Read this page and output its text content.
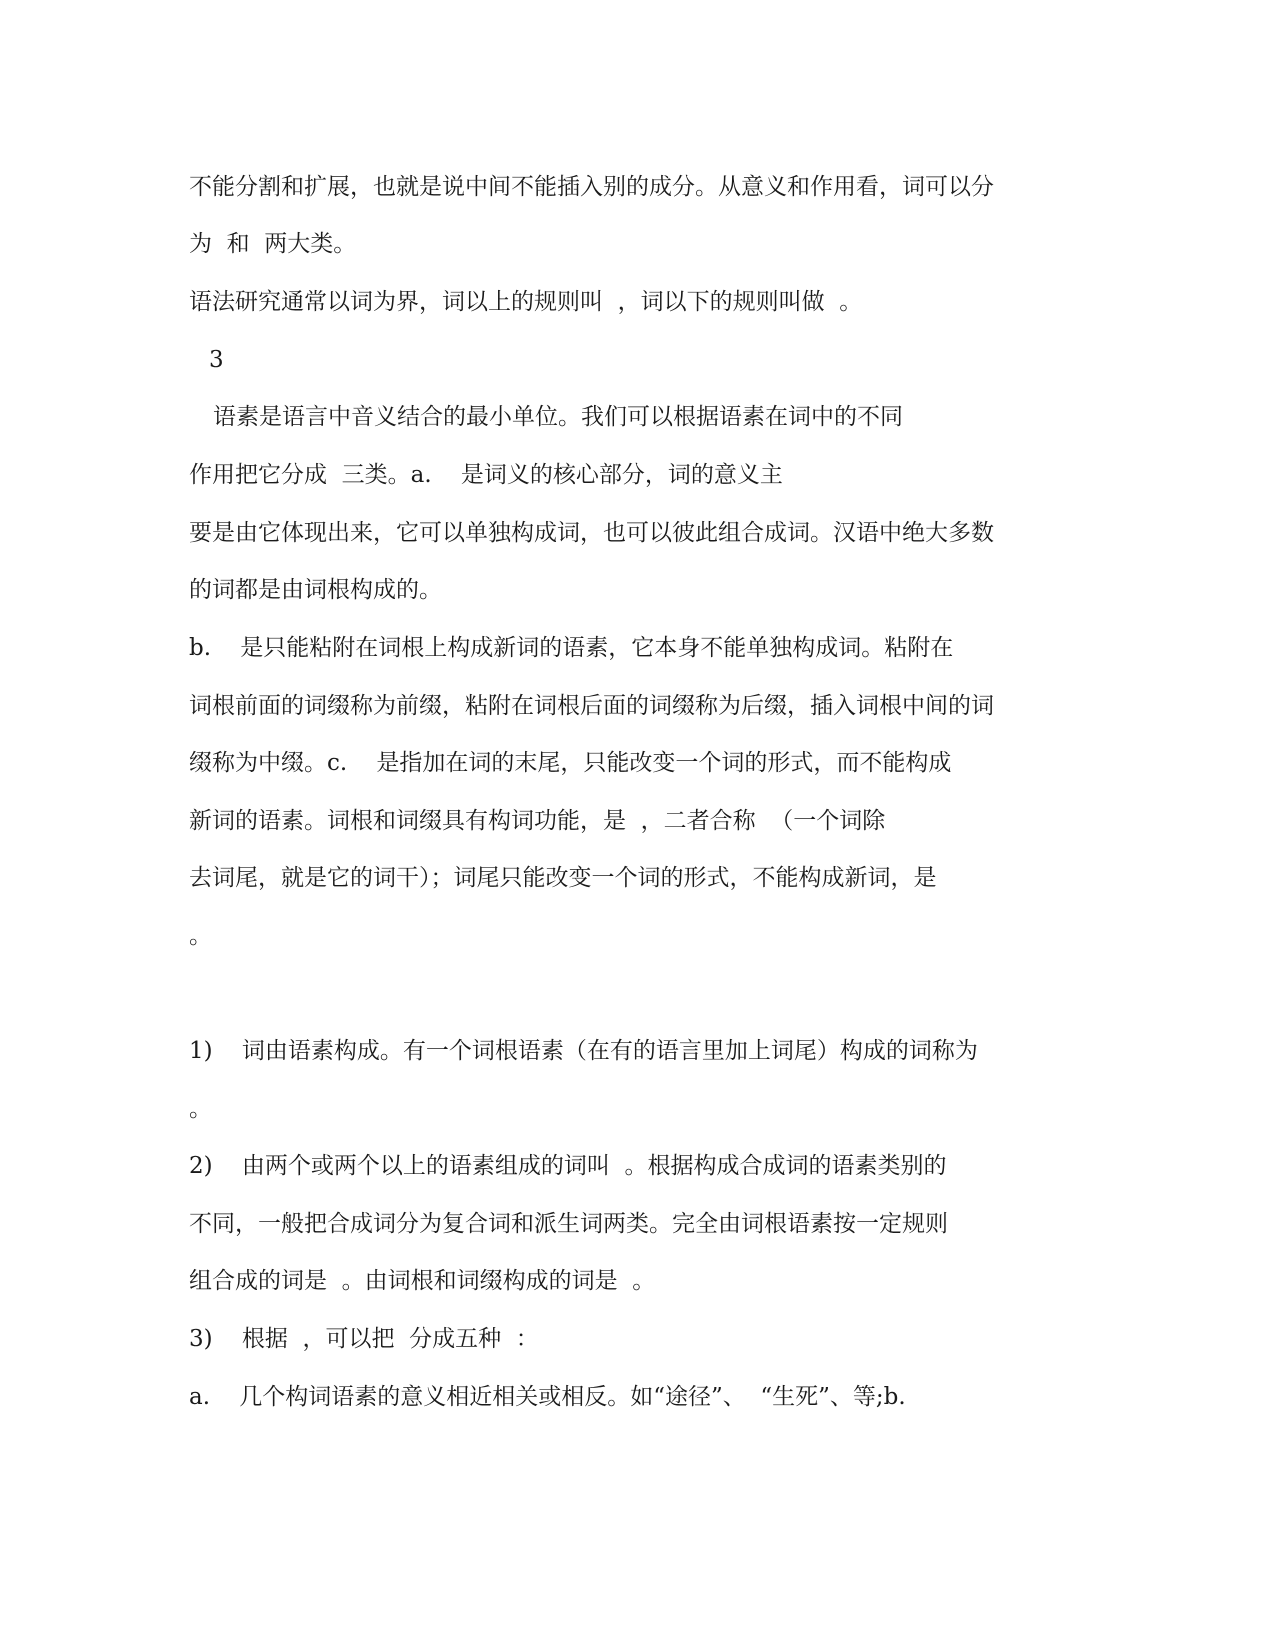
不能分割和扩展，也就是说中间不能插入别的成分。从意义和作用看，词可以分

为  和  两大类。

语法研究通常以词为界，词以上的规则叫  ，词以下的规则叫做  。

3

语素是语言中音义结合的最小单位。我们可以根据语素在词中的不同

作用把它分成  三类。a.    是词义的核心部分，词的意义主

要是由它体现出来，它可以单独构成词，也可以彼此组合成词。汉语中绝大多数

的词都是由词根构成的。

b.    是只能粘附在词根上构成新词的语素，它本身不能单独构成词。粘附在

词根前面的词缀称为前缀，粘附在词根后面的词缀称为后缀，插入词根中间的词

缀称为中缀。c.    是指加在词的末尾，只能改变一个词的形式，而不能构成

新词的语素。词根和词缀具有构词功能，是  ，二者合称  （一个词除

去词尾，就是它的词干）；词尾只能改变一个词的形式，不能构成新词，是

。

1)    词由语素构成。有一个词根语素（在有的语言里加上词尾）构成的词称为

。

2)    由两个或两个以上的语素组成的词叫  。根据构成合成词的语素类别的

不同，一般把合成词分为复合词和派生词两类。完全由词根语素按一定规则

组合成的词是  。由词根和词缀构成的词是  。

3)    根据  ，可以把  分成五种  ：

a.    几个构词语素的意义相近相关或相反。如“途径”、  “生死”、等;b.
